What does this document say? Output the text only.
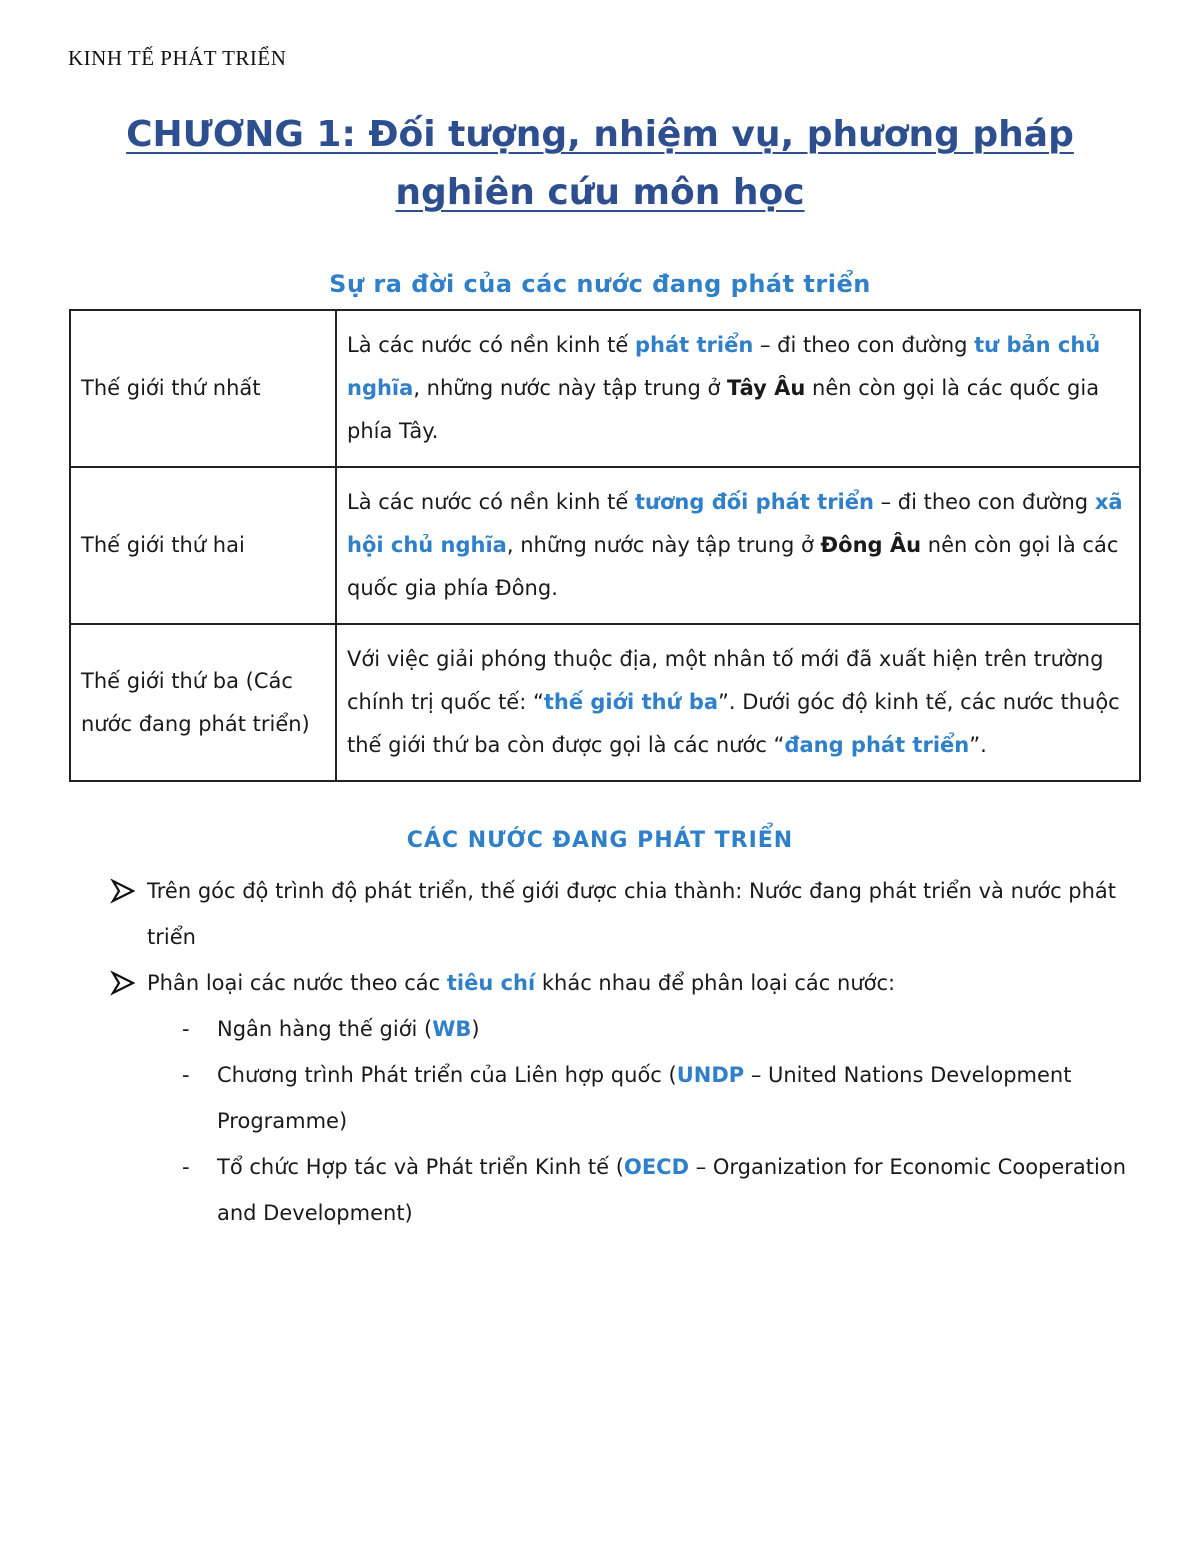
KINH TẾ PHÁT TRIỂN
CHƯƠNG 1: Đối tượng, nhiệm vụ, phương pháp
nghiên cứu môn học
Sự ra đời của các nước đang phát triển
Thế giới thứ nhất	Là các nước có nền kinh tế phát triển – đi theo con đường tư bản chủ nghĩa, những nước này tập trung ở Tây Âu nên còn gọi là các quốc gia phía Tây.
Thế giới thứ hai	Là các nước có nền kinh tế tương đối phát triển – đi theo con đường xã hội chủ nghĩa, những nước này tập trung ở Đông Âu nên còn gọi là các quốc gia phía Đông.
Thế giới thứ ba (Các nước đang phát triển)	Với việc giải phóng thuộc địa, một nhân tố mới đã xuất hiện trên trường chính trị quốc tế: “thế giới thứ ba”. Dưới góc độ kinh tế, các nước thuộc thế giới thứ ba còn được gọi là các nước “đang phát triển”.
CÁC NƯỚC ĐANG PHÁT TRIỂN
Trên góc độ trình độ phát triển, thế giới được chia thành: Nước đang phát triển và nước phát triển
Phân loại các nước theo các tiêu chí khác nhau để phân loại các nước:
- Ngân hàng thế giới (WB)
- Chương trình Phát triển của Liên hợp quốc (UNDP – United Nations Development Programme)
- Tổ chức Hợp tác và Phát triển Kinh tế (OECD – Organization for Economic Cooperation and Development)
